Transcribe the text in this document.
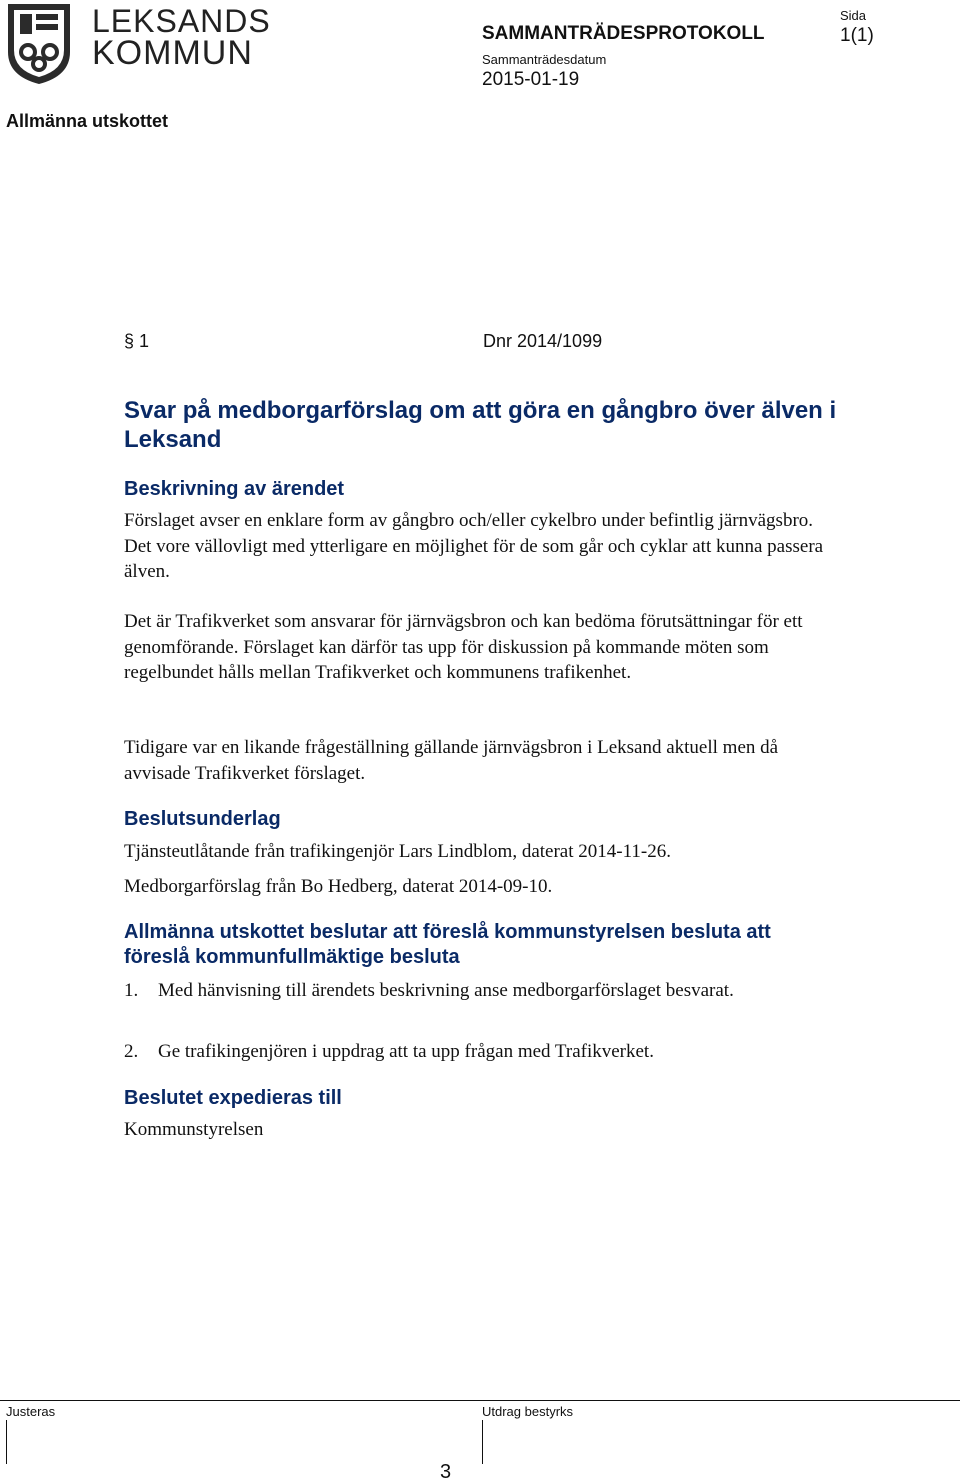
LEKSANDS
KOMMUN
SAMMANTRÄDESPROTOKOLL
Sammanträdesdatum
2015-01-19
Sida
1(1)
Allmänna utskottet
§ 1	Dnr 2014/1099
Svar på medborgarförslag om att göra en gångbro över älven i Leksand
Beskrivning av ärendet

Förslaget avser en enklare form av gångbro och/eller cykelbro under befintlig järnvägsbro. Det vore vällovligt med ytterligare en möjlighet för de som går och cyklar att kunna passera älven.

Det är Trafikverket som ansvarar för järnvägsbron och kan bedöma förutsättningar för ett genomförande. Förslaget kan därför tas upp för diskussion på kommande möten som regelbundet hålls mellan Trafikverket och kommunens trafikenhet.

Tidigare var en likande frågeställning gällande järnvägsbron i Leksand aktuell men då avvisade Trafikverket förslaget.

Beslutsunderlag

Tjänsteutlåtande från trafikingenjör Lars Lindblom, daterat 2014-11-26.

Medborgarförslag från Bo Hedberg, daterat 2014-09-10.

Allmänna utskottet beslutar att föreslå kommunstyrelsen besluta att föreslå kommunfullmäktige besluta
1.	Med hänvisning till ärendets beskrivning anse medborgarförslaget besvarat.
2.	Ge trafikingenjören i uppdrag att ta upp frågan med Trafikverket.
Beslutet expedieras till

Kommunstyrelsen

Justeras	Utdrag bestyrks
3
